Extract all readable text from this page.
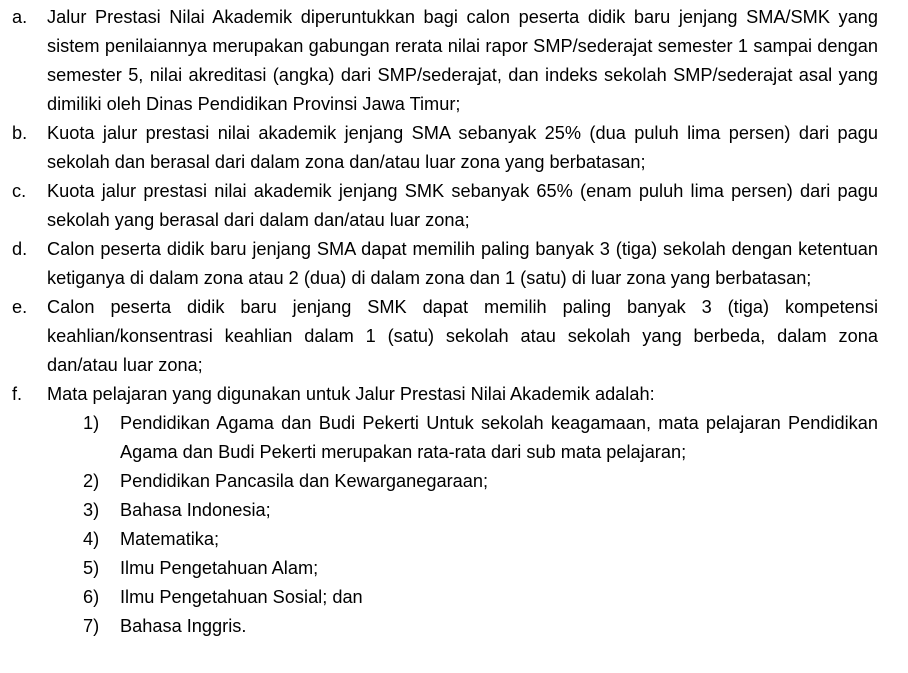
a.	Jalur Prestasi Nilai Akademik diperuntukkan bagi calon peserta didik baru jenjang SMA/SMK yang sistem penilaiannya merupakan gabungan rerata nilai rapor SMP/sederajat semester 1 sampai dengan semester 5, nilai akreditasi (angka) dari SMP/sederajat, dan indeks sekolah SMP/sederajat asal yang dimiliki oleh Dinas Pendidikan Provinsi Jawa Timur;
b.	Kuota jalur prestasi nilai akademik jenjang SMA sebanyak 25% (dua puluh lima persen) dari pagu sekolah dan berasal dari dalam zona dan/atau luar zona yang berbatasan;
c.	Kuota jalur prestasi nilai akademik jenjang SMK sebanyak 65% (enam puluh lima persen) dari pagu sekolah yang berasal dari dalam dan/atau luar zona;
d.	Calon peserta didik baru jenjang SMA dapat memilih paling banyak 3 (tiga) sekolah dengan ketentuan ketiganya di dalam zona atau 2 (dua) di dalam zona dan 1 (satu) di luar zona yang berbatasan;
e.	Calon peserta didik baru jenjang SMK dapat memilih paling banyak 3 (tiga) kompetensi keahlian/konsentrasi keahlian dalam 1 (satu) sekolah atau sekolah yang berbeda, dalam zona dan/atau luar zona;
f.	Mata pelajaran yang digunakan untuk Jalur Prestasi Nilai Akademik adalah:
1)	Pendidikan Agama dan Budi Pekerti Untuk sekolah keagamaan, mata pelajaran Pendidikan Agama dan Budi Pekerti merupakan rata-rata dari sub mata pelajaran;
2)	Pendidikan Pancasila dan Kewarganegaraan;
3)	Bahasa Indonesia;
4)	Matematika;
5)	Ilmu Pengetahuan Alam;
6)	Ilmu Pengetahuan Sosial; dan
7)	Bahasa Inggris.
